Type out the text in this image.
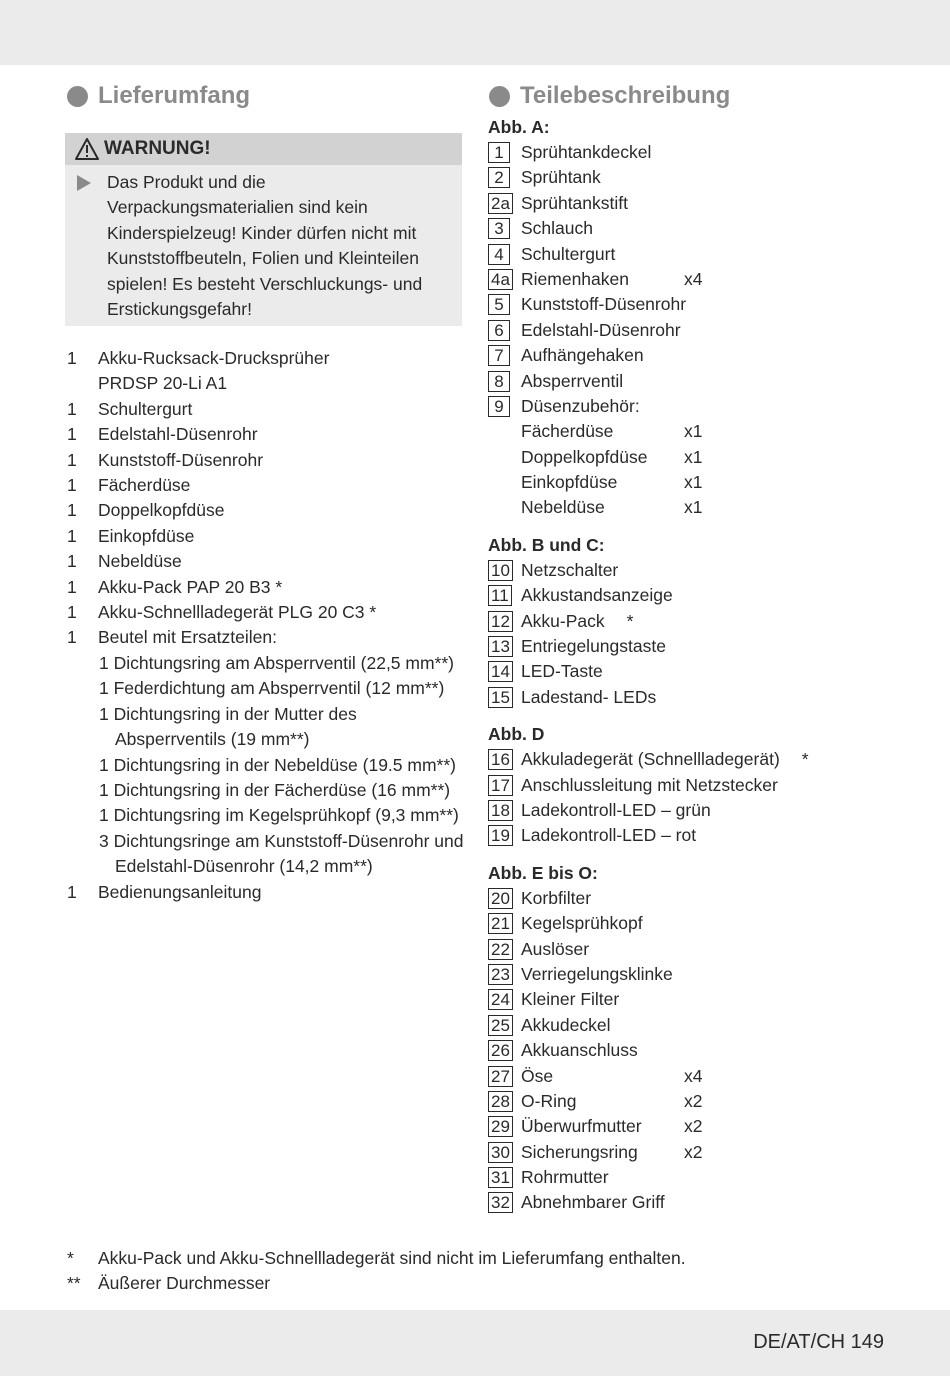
Lieferumfang	Teilebeschreibung
WARNUNG!
Das Produkt und die
Verpackungsmaterialien sind kein
Kinderspielzeug! Kinder dürfen nicht mit
Kunststoffbeuteln, Folien und Kleinteilen
spielen! Es besteht Verschluckungs- und
Erstickungsgefahr!
1 Akku-Rucksack-Drucksprüher
PRDSP 20-Li A1
1 Schultergurt
1 Edelstahl-Düsenrohr
1 Kunststoff-Düsenrohr
1 Fächerdüse
1 Doppelkopfdüse
1 Einkopfdüse
1 Nebeldüse
1 Akku-Pack PAP 20 B3 *
1 Akku-Schnellladegerät PLG 20 C3 *
1 Beutel mit Ersatzteilen:
1 Dichtungsring am Absperrventil (22,5 mm**)
1 Federdichtung am Absperrventil (12 mm**)
1 Dichtungsring in der Mutter des Absperrventils (19 mm**)
1 Dichtungsring in der Nebeldüse (19.5 mm**)
1 Dichtungsring in der Fächerdüse (16 mm**)
1 Dichtungsring im Kegelsprühkopf (9,3 mm**)
3 Dichtungsringe am Kunststoff-Düsenrohr und Edelstahl-Düsenrohr (14,2 mm**)
1 Bedienungsanleitung
Abb. A:
1 Sprühtankdeckel
2 Sprühtank
2a Sprühtankstift
3 Schlauch
4 Schultergurt
4a Riemenhaken	x4
5 Kunststoff-Düsenrohr
6 Edelstahl-Düsenrohr
7 Aufhängehaken
8 Absperrventil
9 Düsenzubehör:
Fächerdüse	x1
Doppelkopfdüse x1
Einkopfdüse	x1
Nebeldüse	x1
Abb. B und C:
10 Netzschalter
11 Akkustandsanzeige
12 Akku-Pack *
13 Entriegelungstaste
14 LED-Taste
15 Ladestand- LEDs
Abb. D
16 Akkuladegerät (Schnellladegerät) *
17 Anschlussleitung mit Netzstecker
18 Ladekontroll-LED – grün
19 Ladekontroll-LED – rot
Abb. E bis O:
20 Korbfilter
21 Kegelsprühkopf
22 Auslöser
23 Verriegelungsklinke
24 Kleiner Filter
25 Akkudeckel
26 Akkuanschluss
27 Öse	x4
28 O-Ring	x2
29 Überwurfmutter x2
30 Sicherungsring	x2
31 Rohrmutter
32 Abnehmbarer Griff
* Akku-Pack und Akku-Schnellladegerät sind nicht im Lieferumfang enthalten.
** Äußerer Durchmesser
DE/AT/CH 149
